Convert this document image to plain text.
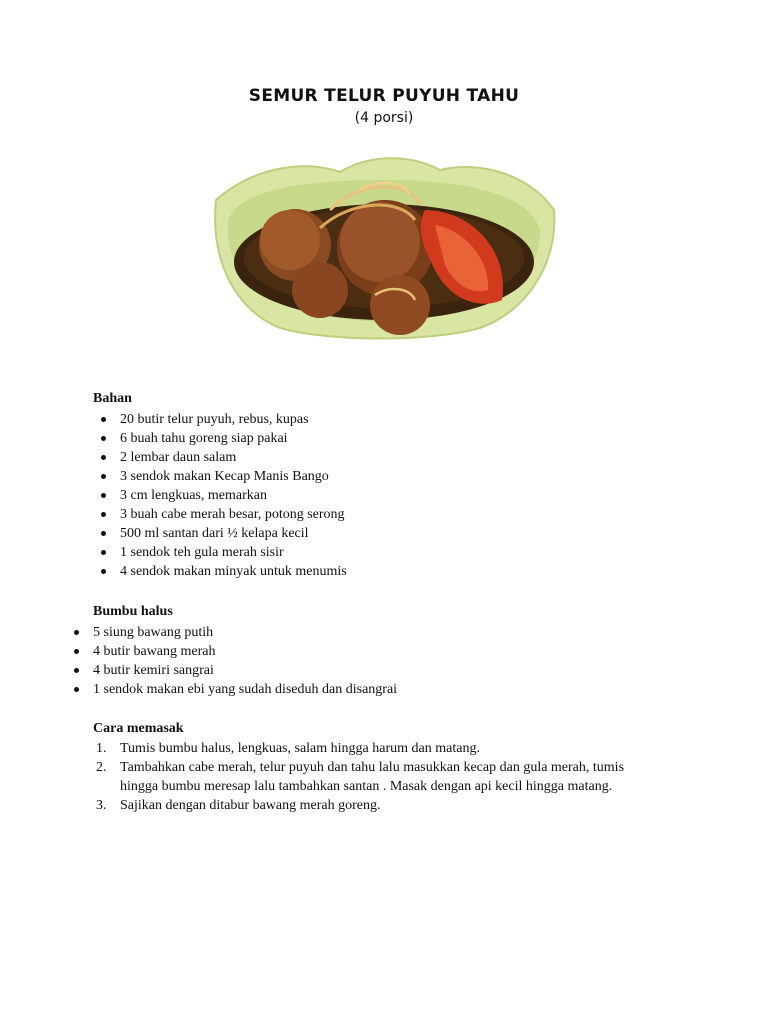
SEMUR TELUR PUYUH TAHU
(4 porsi)
Bahan
20 butir telur puyuh, rebus, kupas
6 buah tahu goreng siap pakai
2 lembar daun salam
3 sendok makan Kecap Manis Bango
3 cm lengkuas, memarkan
3 buah cabe merah besar, potong serong
500 ml santan dari ½ kelapa kecil
1 sendok teh gula merah sisir
4 sendok makan minyak untuk menumis
Bumbu halus
5 siung bawang putih
4 butir bawang merah
4 butir kemiri sangrai
1 sendok makan ebi yang sudah diseduh dan disangrai
Cara memasak
1. Tumis bumbu halus, lengkuas, salam hingga harum dan matang.
2. Tambahkan cabe merah, telur puyuh dan tahu lalu masukkan kecap dan gula merah, tumis hingga bumbu meresap lalu tambahkan santan . Masak dengan api kecil hingga matang.
3. Sajikan dengan ditabur bawang merah goreng.
